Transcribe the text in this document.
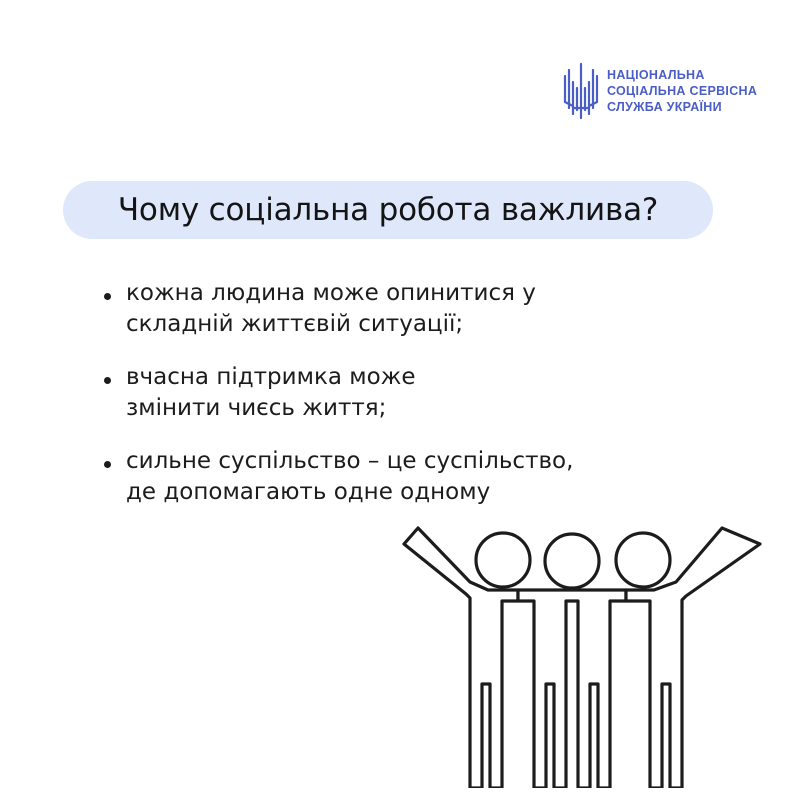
НАЦІОНАЛЬНА
СОЦІАЛЬНА СЕРВІСНА
СЛУЖБА УКРАЇНИ
Чому соціальна робота важлива?
кожна людина може опинитися у
складній життєвій ситуації;
вчасна підтримка може
змінити чиєсь життя;
сильне суспільство – це суспільство,
де допомагають одне одному
